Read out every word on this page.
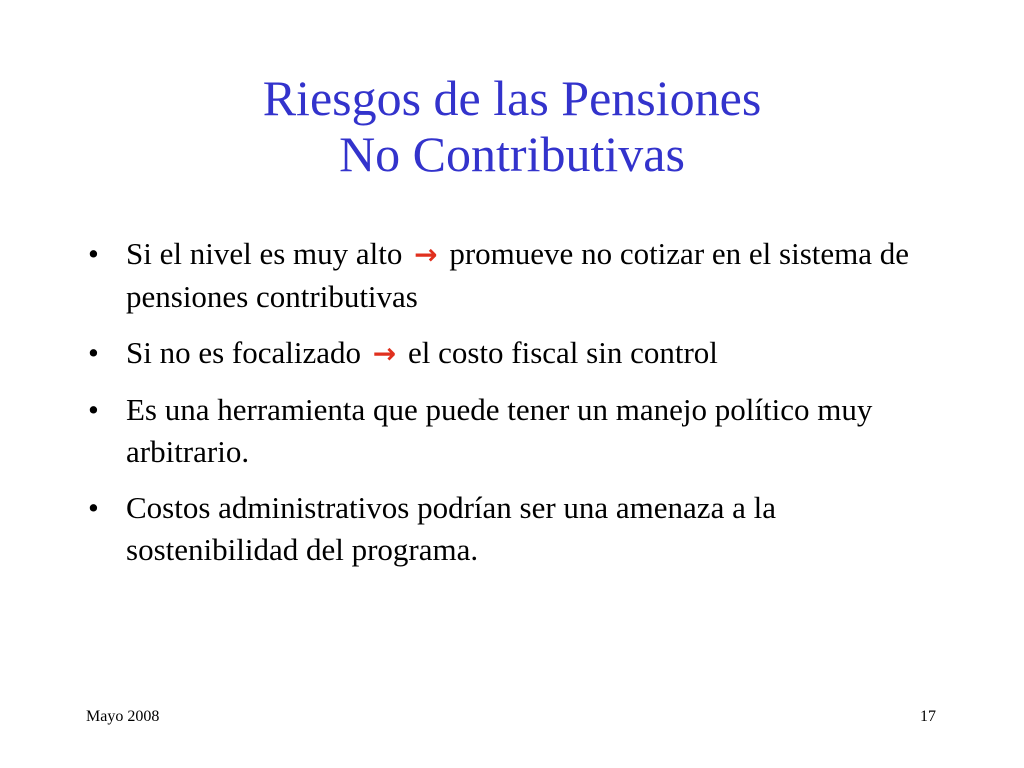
Riesgos de las Pensiones
No Contributivas
• Si el nivel es muy alto → promueve no cotizar en el sistema de pensiones contributivas
• Si no es focalizado → el costo fiscal sin control
• Es una herramienta que puede tener un manejo político muy arbitrario.
• Costos administrativos podrían ser una amenaza a la sostenibilidad del programa.
Mayo 2008	17
